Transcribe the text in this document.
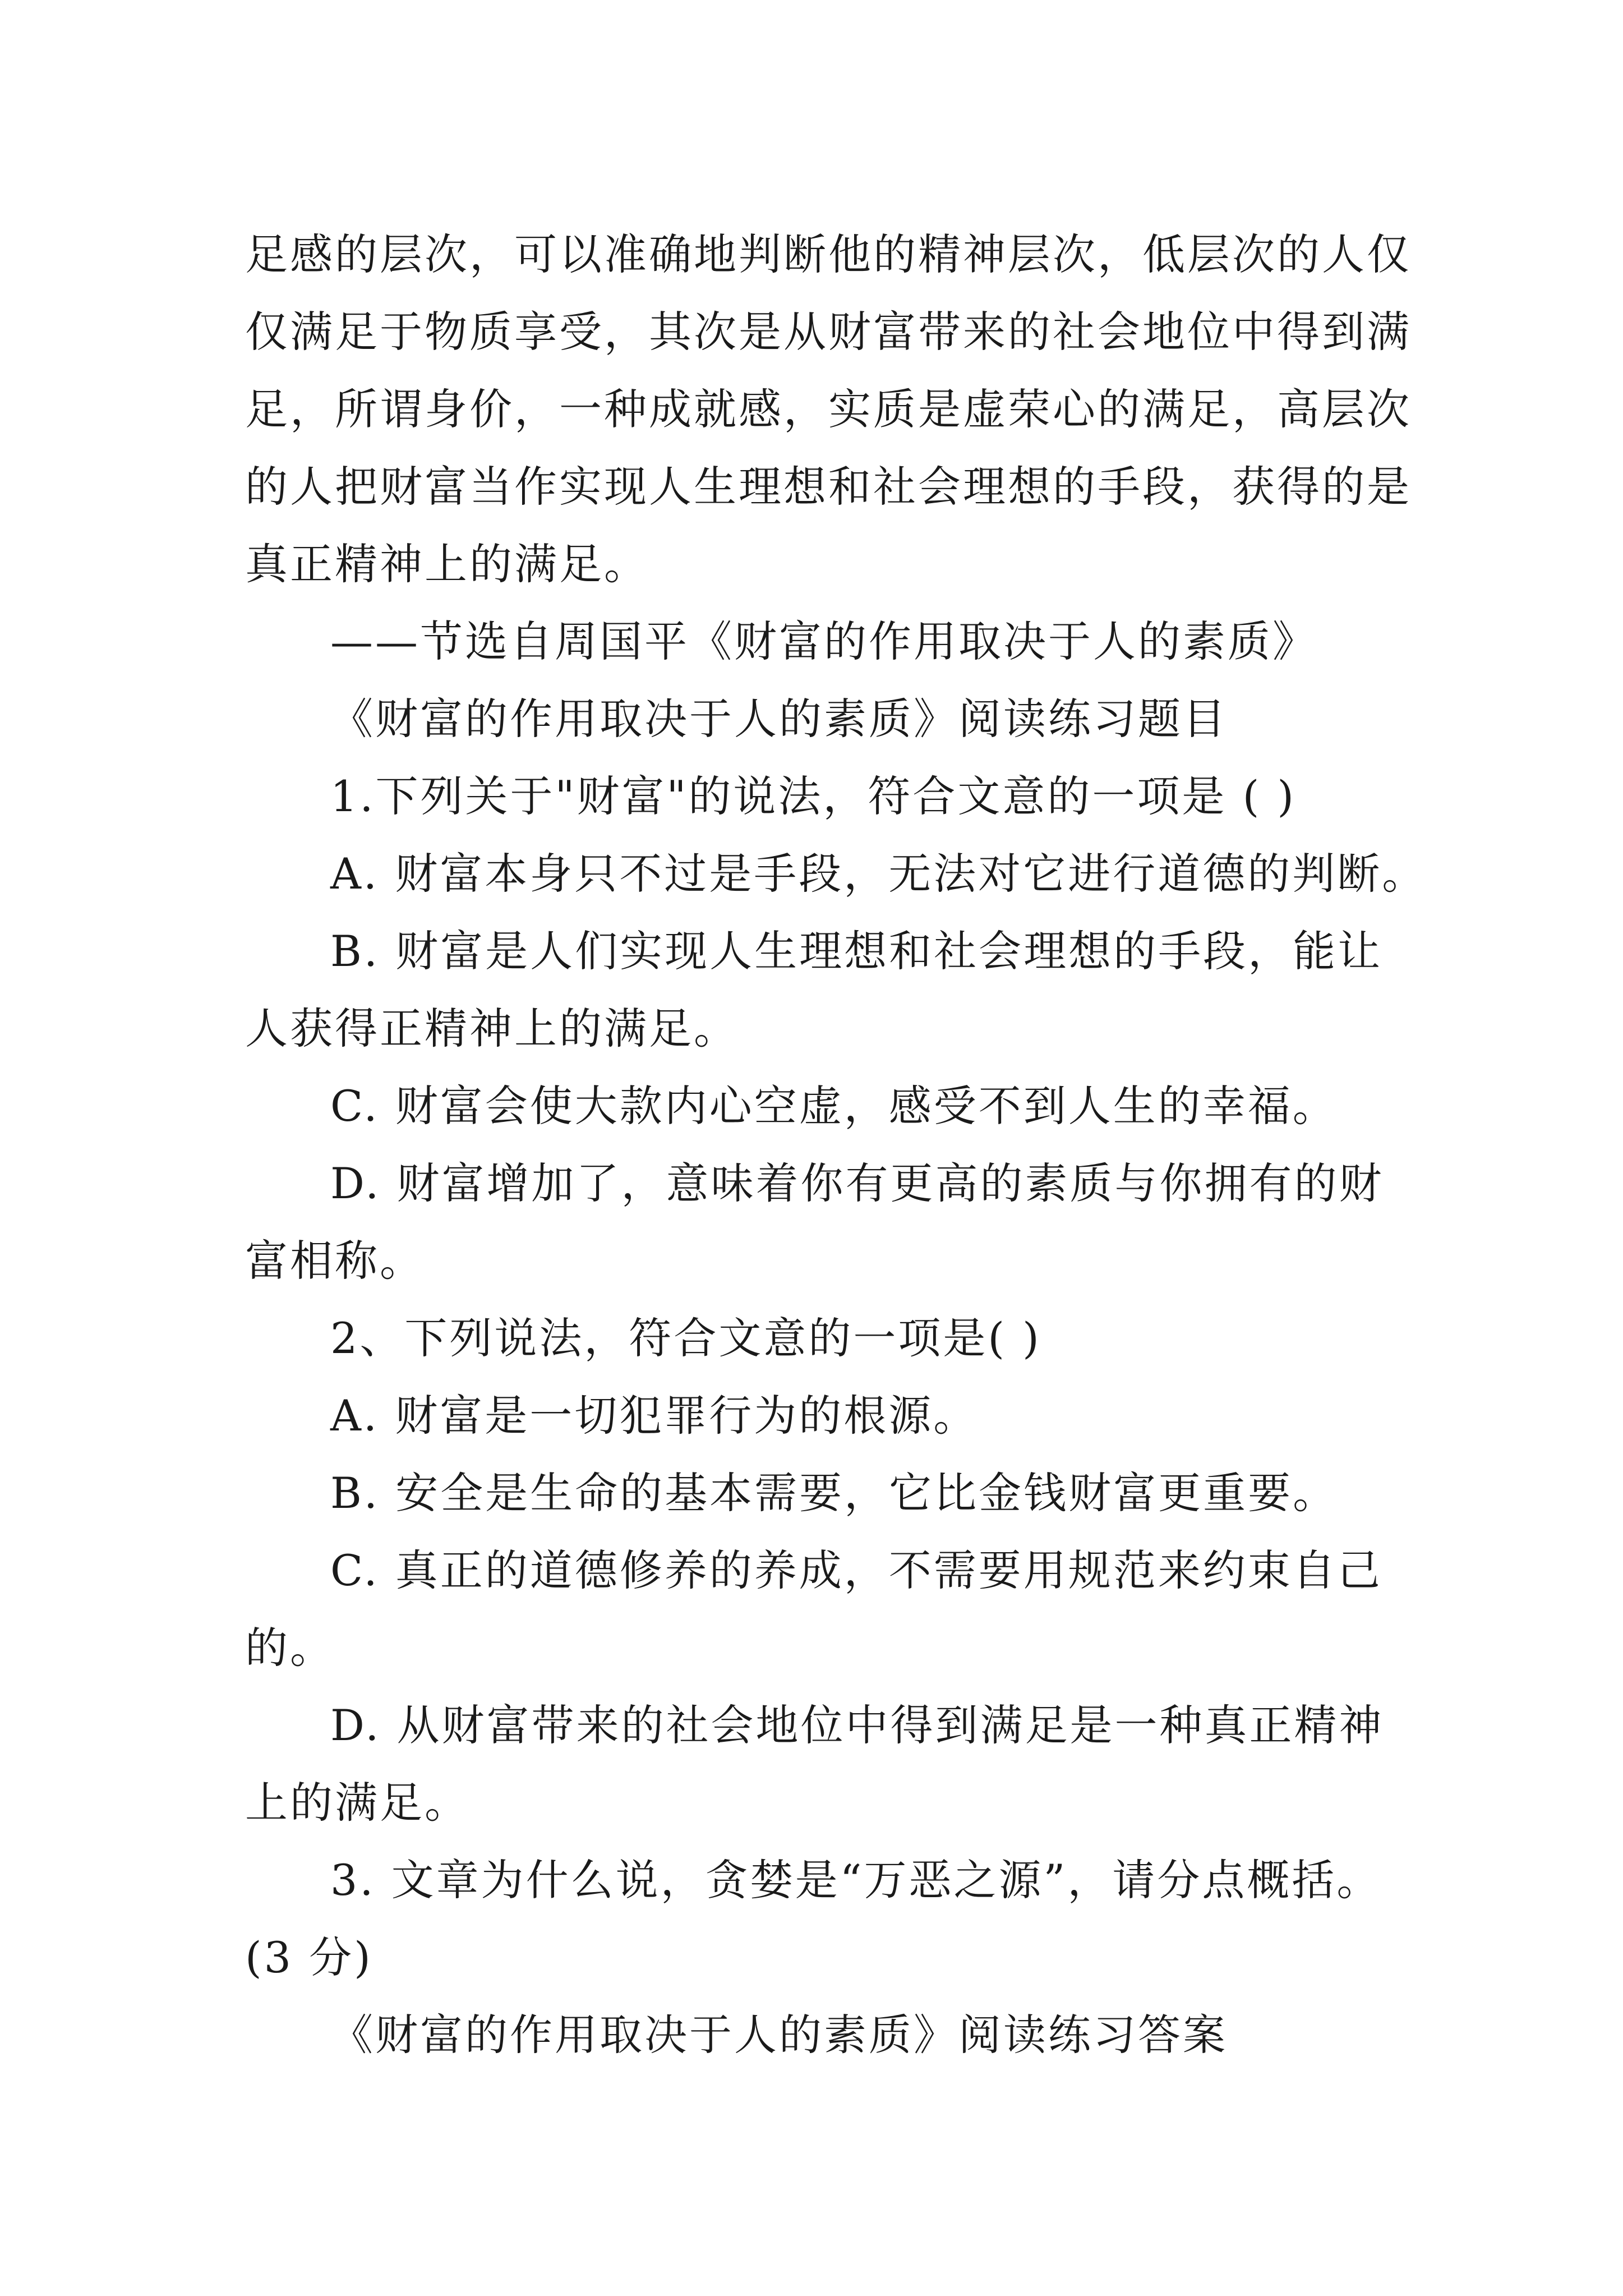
足感的层次，可以准确地判断他的精神层次，低层次的人仅
仅满足于物质享受，其次是从财富带来的社会地位中得到满
足，所谓身价，一种成就感，实质是虚荣心的满足，高层次
的人把财富当作实现人生理想和社会理想的手段，获得的是
真正精神上的满足。
——节选自周国平《财富的作用取决于人的素质》
《财富的作用取决于人的素质》阅读练习题目
1.下列关于"财富"的说法，符合文意的一项是 ( )
A. 财富本身只不过是手段，无法对它进行道德的判断。
B. 财富是人们实现人生理想和社会理想的手段，能让
人获得正精神上的满足。
C. 财富会使大款内心空虚，感受不到人生的幸福。
D. 财富增加了，意味着你有更高的素质与你拥有的财
富相称。
2、下列说法，符合文意的一项是( )
A. 财富是一切犯罪行为的根源。
B. 安全是生命的基本需要，它比金钱财富更重要。
C. 真正的道德修养的养成，不需要用规范来约束自己
的。
D. 从财富带来的社会地位中得到满足是一种真正精神
上的满足。
3. 文章为什么说，贪婪是“万恶之源”，请分点概括。
(3 分)
《财富的作用取决于人的素质》阅读练习答案
